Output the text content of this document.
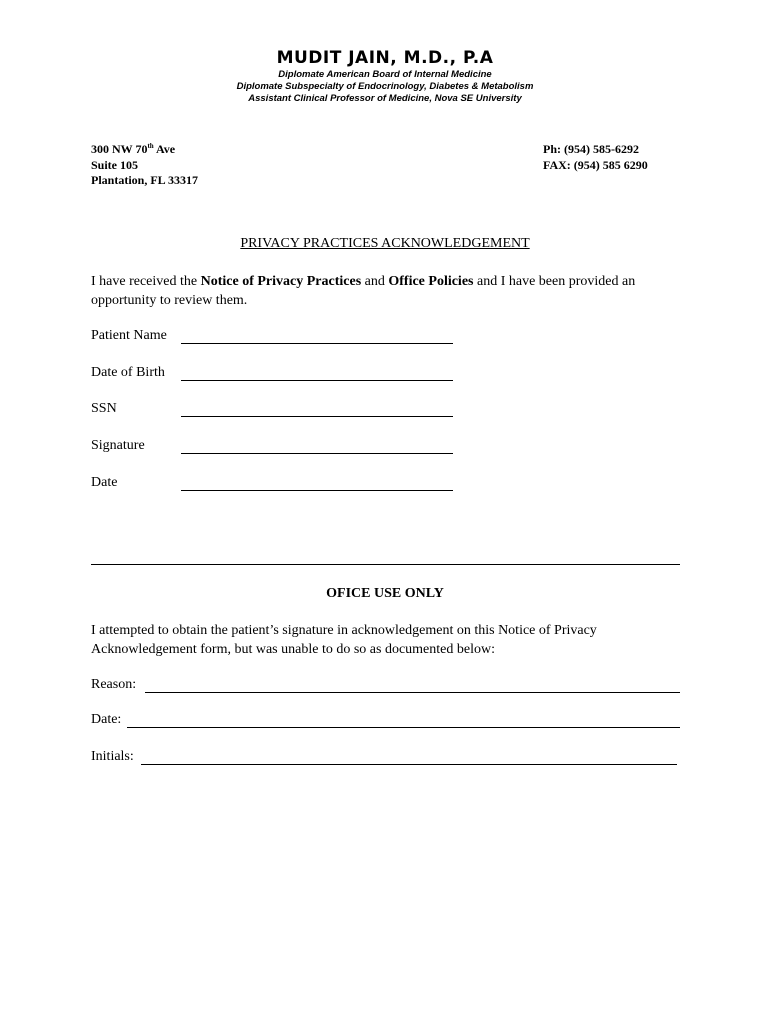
MUDIT JAIN, M.D., P.A
Diplomate American Board of Internal Medicine
Diplomate Subspecialty of Endocrinology, Diabetes & Metabolism
Assistant Clinical Professor of Medicine, Nova SE University
300 NW 70th Ave
Suite 105
Plantation, FL 33317
Ph: (954) 585-6292
FAX: (954) 585 6290
PRIVACY PRACTICES ACKNOWLEDGEMENT
I have received the Notice of Privacy Practices and Office Policies and I have been provided an opportunity to review them.
Patient Name
Date of Birth
SSN
Signature
Date
OFICE USE ONLY
I attempted to obtain the patient’s signature in acknowledgement on this Notice of Privacy Acknowledgement form, but was unable to do so as documented below:
Reason:
Date:
Initials:
